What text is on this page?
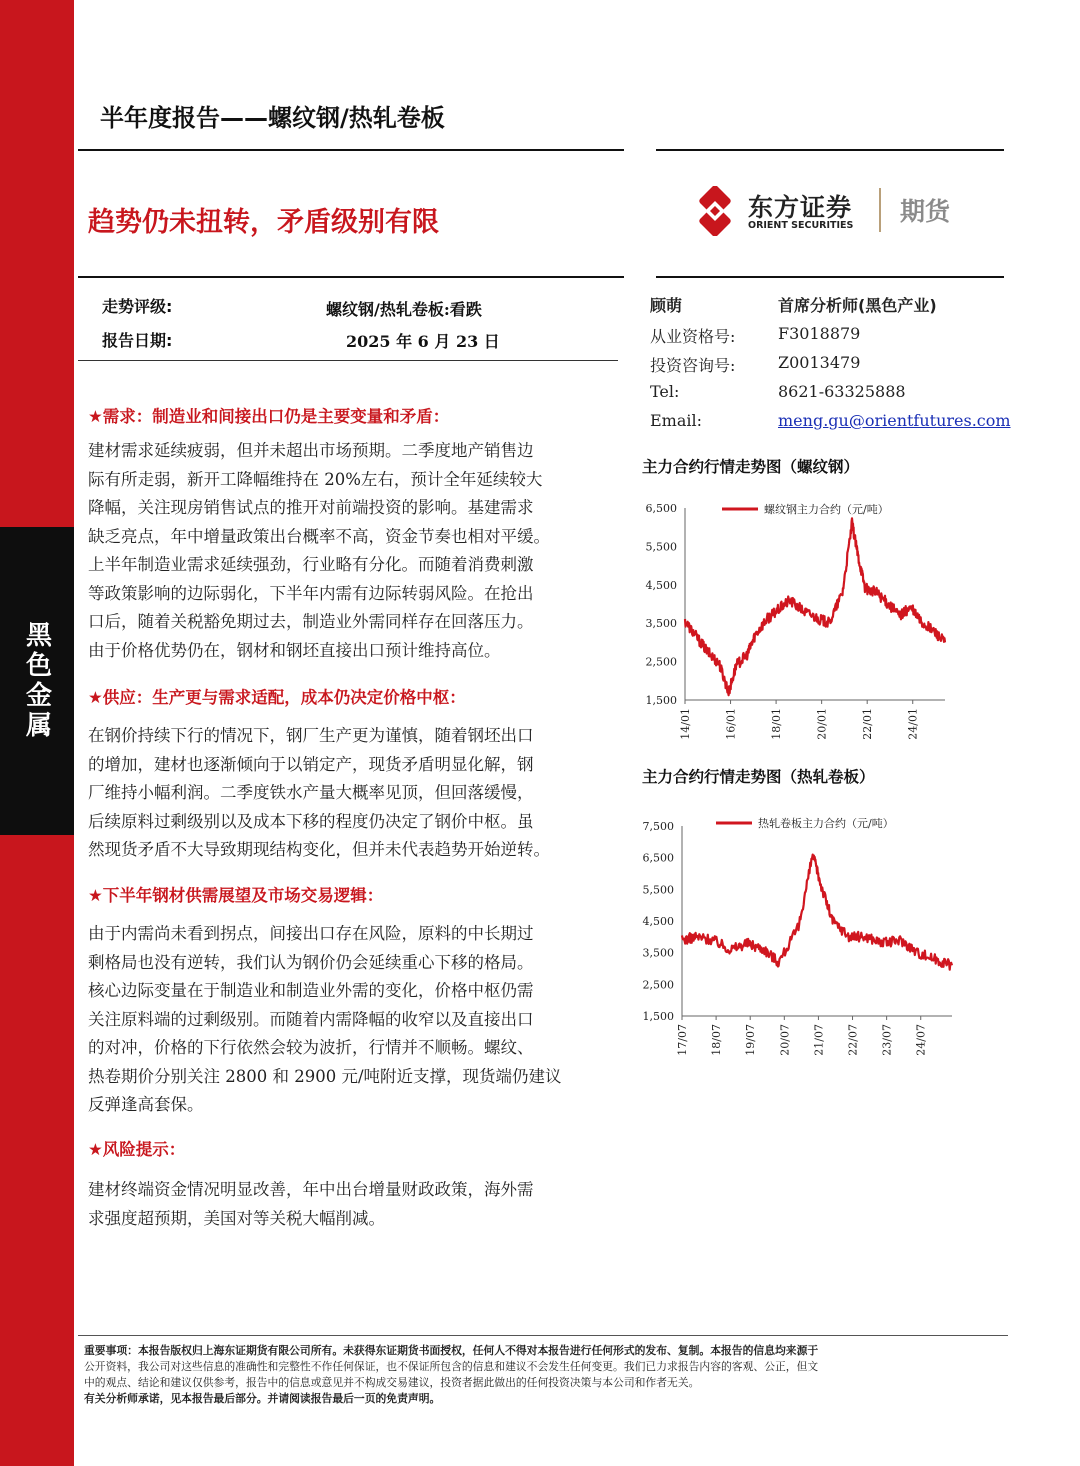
黑色金属
半年度报告——螺纹钢/热轧卷板
趋势仍未扭转，矛盾级别有限	东方证券
ORIENT SECURITIES 期货
走势评级:	螺纹钢/热轧卷板:看跌
报告日期:	2025 年 6 月 23 日
顾萌	首席分析师(黑色产业)
从业资格号:	F3018879
投资咨询号:	Z0013479
Tel:	8621-63325888
Email:	meng.gu@orientfutures.com
★需求：制造业和间接出口仍是主要变量和矛盾：
建材需求延续疲弱，但并未超出市场预期。二季度地产销售边
际有所走弱，新开工降幅维持在 20%左右，预计全年延续较大
降幅，关注现房销售试点的推开对前端投资的影响。基建需求
缺乏亮点，年中增量政策出台概率不高，资金节奏也相对平缓。
上半年制造业需求延续强劲，行业略有分化。而随着消费刺激
等政策影响的边际弱化，下半年内需有边际转弱风险。在抢出
口后，随着关税豁免期过去，制造业外需同样存在回落压力。
由于价格优势仍在，钢材和钢坯直接出口预计维持高位。
★供应：生产更与需求适配，成本仍决定价格中枢：
在钢价持续下行的情况下，钢厂生产更为谨慎，随着钢坯出口
的增加，建材也逐渐倾向于以销定产，现货矛盾明显化解，钢
厂维持小幅利润。二季度铁水产量大概率见顶，但回落缓慢，
后续原料过剩级别以及成本下移的程度仍决定了钢价中枢。虽
然现货矛盾不大导致期现结构变化，但并未代表趋势开始逆转。
★下半年钢材供需展望及市场交易逻辑：
由于内需尚未看到拐点，间接出口存在风险，原料的中长期过
剩格局也没有逆转，我们认为钢价仍会延续重心下移的格局。
核心边际变量在于制造业和制造业外需的变化，价格中枢仍需
关注原料端的过剩级别。而随着内需降幅的收窄以及直接出口
的对冲，价格的下行依然会较为波折，行情并不顺畅。螺纹、
热卷期价分别关注 2800 和 2900 元/吨附近支撑，现货端仍建议
反弹逢高套保。
★风险提示：
建材终端资金情况明显改善，年中出台增量财政政策，海外需
求强度超预期，美国对等关税大幅削减。
主力合约行情走势图（螺纹钢）
1,500
2,500
3,500
4,500
5,500
6,500
14/01	16/01	18/01	20/01	22/01	24/01
螺纹钢主力合约（元/吨）
主力合约行情走势图（热轧卷板）
1,500
2,500
3,500
4,500
5,500
6,500
7,500
17/07 18/07 19/07 20/07 21/07 22/07 23/07 24/07
热轧卷板主力合约（元/吨）
重要事项：本报告版权归上海东证期货有限公司所有。未获得东证期货书面授权，任何人不得对本报告进行任何形式的发布、复制。本报告的信息均来源于
公开资料，我公司对这些信息的准确性和完整性不作任何保证，也不保证所包含的信息和建议不会发生任何变更。我们已力求报告内容的客观、公正，但文
中的观点、结论和建议仅供参考，报告中的信息或意见并不构成交易建议，投资者据此做出的任何投资决策与本公司和作者无关。
有关分析师承诺，见本报告最后部分。并请阅读报告最后一页的免责声明。
